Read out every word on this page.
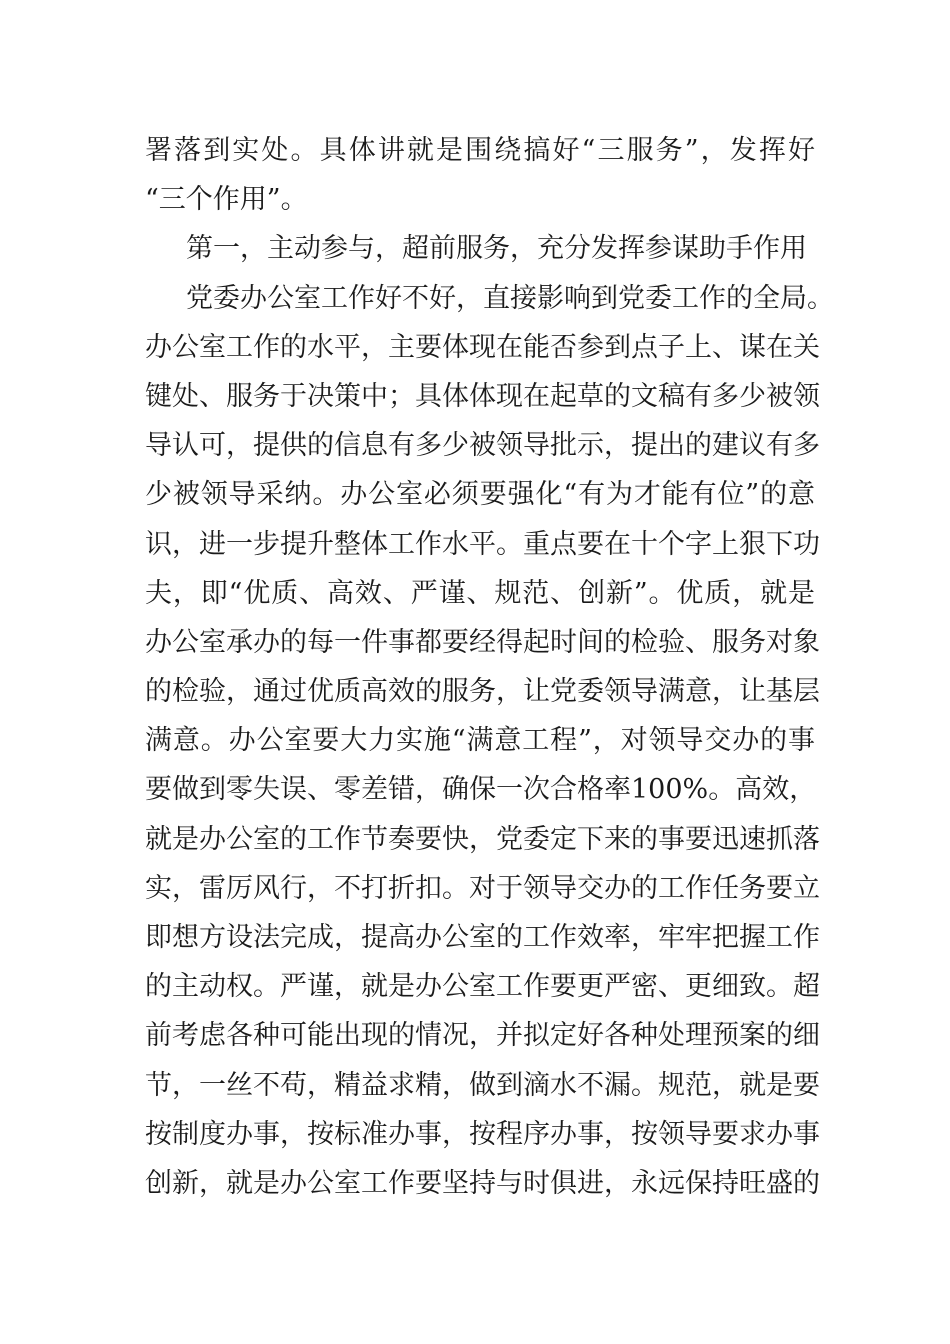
署落到实处。具体讲就是围绕搞好“三服务”，发挥好
“三个作用”。
第一，主动参与，超前服务，充分发挥参谋助手作用
党委办公室工作好不好，直接影响到党委工作的全局。
办公室工作的水平，主要体现在能否参到点子上、谋在关
键处、服务于决策中；具体体现在起草的文稿有多少被领
导认可，提供的信息有多少被领导批示，提出的建议有多
少被领导采纳。办公室必须要强化“有为才能有位”的意
识，进一步提升整体工作水平。重点要在十个字上狠下功
夫，即“优质、高效、严谨、规范、创新”。优质，就是
办公室承办的每一件事都要经得起时间的检验、服务对象
的检验，通过优质高效的服务，让党委领导满意，让基层
满意。办公室要大力实施“满意工程”，对领导交办的事
要做到零失误、零差错，确保一次合格率100%。高效，
就是办公室的工作节奏要快，党委定下来的事要迅速抓落
实，雷厉风行，不打折扣。对于领导交办的工作任务要立
即想方设法完成，提高办公室的工作效率，牢牢把握工作
的主动权。严谨，就是办公室工作要更严密、更细致。超
前考虑各种可能出现的情况，并拟定好各种处理预案的细
节，一丝不苟，精益求精，做到滴水不漏。规范，就是要
按制度办事，按标准办事，按程序办事，按领导要求办事
创新，就是办公室工作要坚持与时俱进，永远保持旺盛的
